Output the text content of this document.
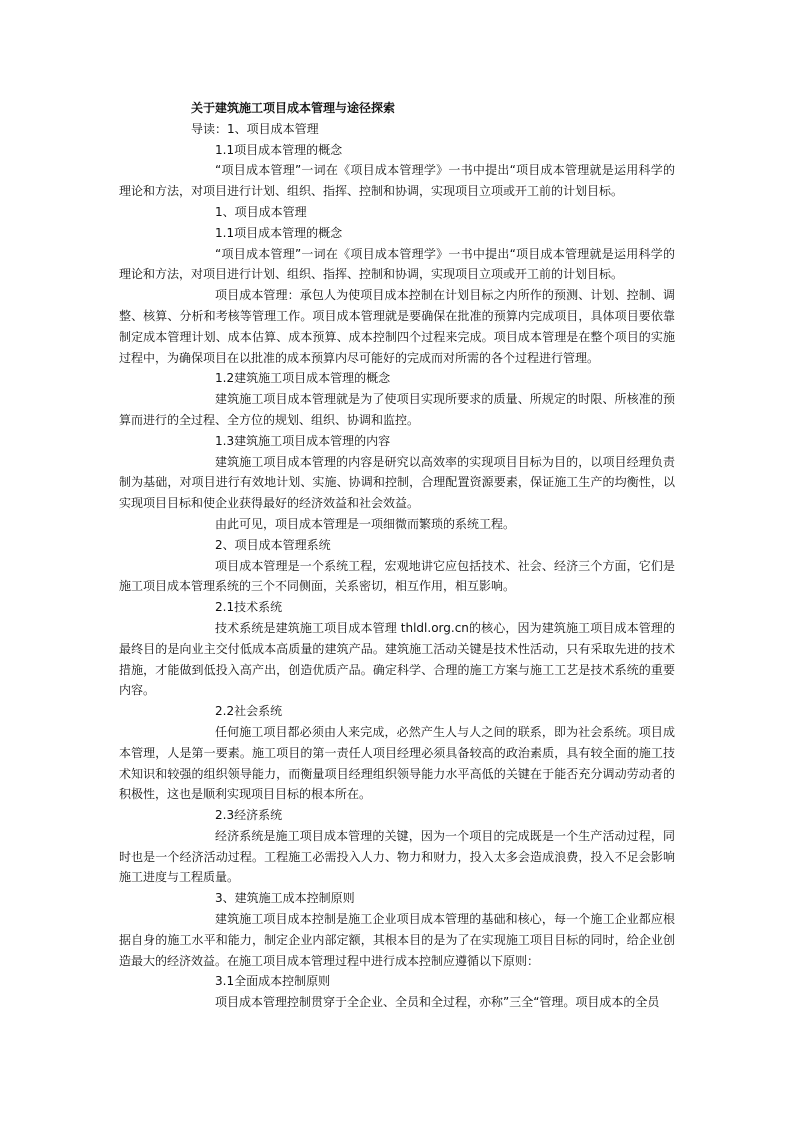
关于建筑施工项目成本管理与途径探索

导读：1、项目成本管理

1.1项目成本管理的概念

“项目成本管理”一词在《项目成本管理学》一书中提出“项目成本管理就是运用科学的理论和方法，对项目进行计划、组织、指挥、控制和协调，实现项目立项或开工前的计划目标。

1、项目成本管理

1.1项目成本管理的概念

“项目成本管理”一词在《项目成本管理学》一书中提出“项目成本管理就是运用科学的理论和方法，对项目进行计划、组织、指挥、控制和协调，实现项目立项或开工前的计划目标。

项目成本管理：承包人为使项目成本控制在计划目标之内所作的预测、计划、控制、调整、核算、分析和考核等管理工作。项目成本管理就是要确保在批准的预算内完成项目，具体项目要依靠制定成本管理计划、成本估算、成本预算、成本控制四个过程来完成。项目成本管理是在整个项目的实施过程中，为确保项目在以批准的成本预算内尽可能好的完成而对所需的各个过程进行管理。

1.2建筑施工项目成本管理的概念

建筑施工项目成本管理就是为了使项目实现所要求的质量、所规定的时限、所核准的预算而进行的全过程、全方位的规划、组织、协调和监控。

1.3建筑施工项目成本管理的内容

建筑施工项目成本管理的内容是研究以高效率的实现项目目标为目的，以项目经理负责制为基础，对项目进行有效地计划、实施、协调和控制，合理配置资源要素，保证施工生产的均衡性，以实现项目目标和使企业获得最好的经济效益和社会效益。

由此可见，项目成本管理是一项细微而繁琐的系统工程。

2、项目成本管理系统

项目成本管理是一个系统工程，宏观地讲它应包括技术、社会、经济三个方面，它们是施工项目成本管理系统的三个不同侧面，关系密切，相互作用，相互影响。

2.1技术系统

技术系统是建筑施工项目成本管理 thldl.org.cn的核心，因为建筑施工项目成本管理的最终目的是向业主交付低成本高质量的建筑产品。建筑施工活动关键是技术性活动，只有采取先进的技术措施，才能做到低投入高产出，创造优质产品。确定科学、合理的施工方案与施工工艺是技术系统的重要内容。

2.2社会系统

任何施工项目都必须由人来完成，必然产生人与人之间的联系，即为社会系统。项目成本管理，人是第一要素。施工项目的第一责任人项目经理必须具备较高的政治素质，具有较全面的施工技术知识和较强的组织领导能力，而衡量项目经理组织领导能力水平高低的关键在于能否充分调动劳动者的积极性，这也是顺利实现项目目标的根本所在。

2.3经济系统

经济系统是施工项目成本管理的关键，因为一个项目的完成既是一个生产活动过程，同时也是一个经济活动过程。工程施工必需投入人力、物力和财力，投入太多会造成浪费，投入不足会影响施工进度与工程质量。

3、建筑施工成本控制原则

建筑施工项目成本控制是施工企业项目成本管理的基础和核心，每一个施工企业都应根据自身的施工水平和能力，制定企业内部定额，其根本目的是为了在实现施工项目目标的同时，给企业创造最大的经济效益。在施工项目成本管理过程中进行成本控制应遵循以下原则：

3.1全面成本控制原则

项目成本管理控制贯穿于全企业、全员和全过程，亦称”三全“管理。项目成本的全员
